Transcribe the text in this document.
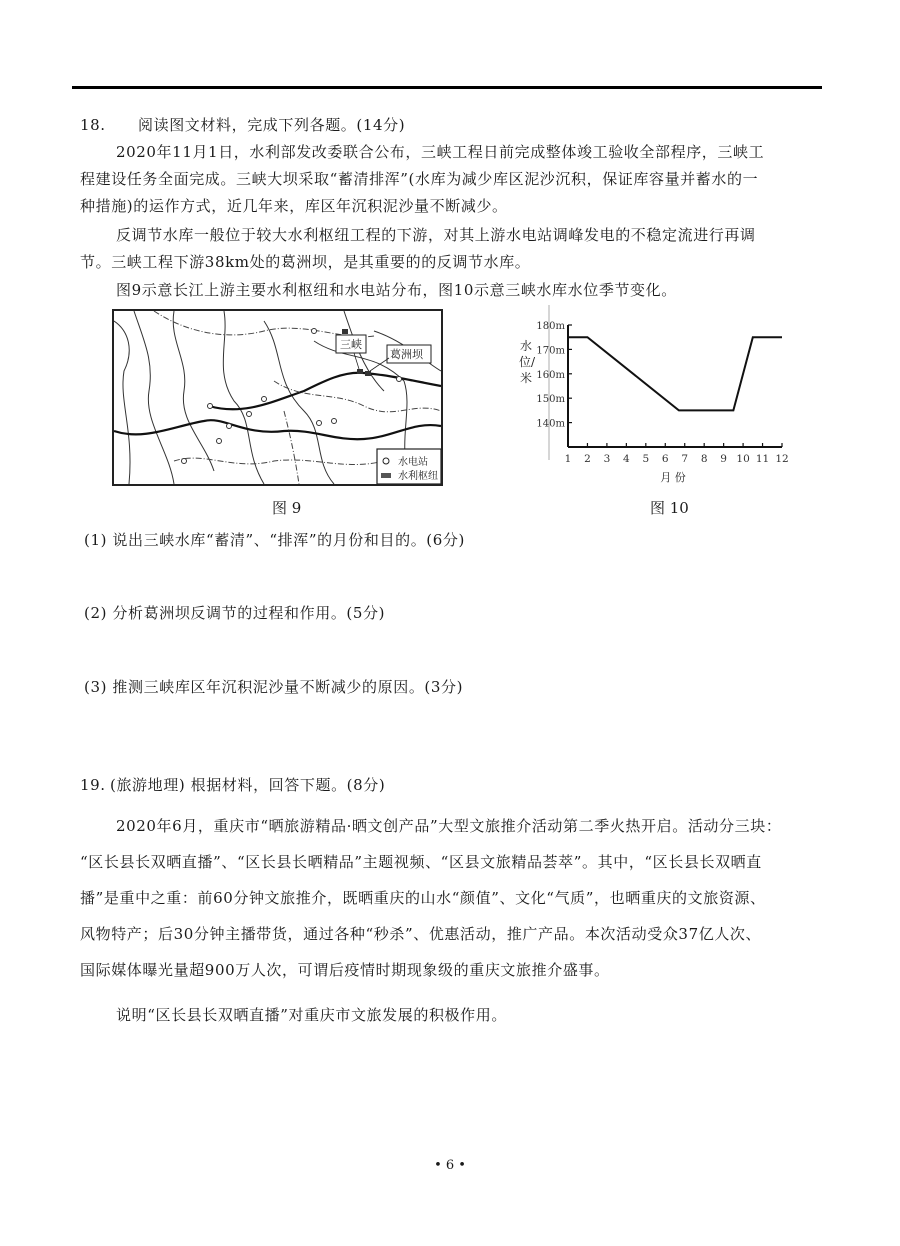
18. 阅读图文材料，完成下列各题。(14分)
2020年11月1日，水利部发改委联合公布，三峡工程日前完成整体竣工验收全部程序，三峡工
程建设任务全面完成。三峡大坝采取“蓄清排浑”(水库为减少库区泥沙沉积，保证库容量并蓄水的一
种措施)的运作方式，近几年来，库区年沉积泥沙量不断减少。
反调节水库一般位于较大水利枢纽工程的下游，对其上游水电站调峰发电的不稳定流进行再调
节。三峡工程下游38km处的葛洲坝，是其重要的的反调节水库。
图9示意长江上游主要水利枢纽和水电站分布，图10示意三峡水库水位季节变化。
三峡
葛洲坝
水电站
水利枢纽	月 份
180m
170m
160m
150m
140m
1 2 3 4 5 6 7 8 9 10 11 12
水位/米
图 9	图 10
(1) 说出三峡水库“蓄清”、“排浑”的月份和目的。(6分)
(2) 分析葛洲坝反调节的过程和作用。(5分)
(3) 推测三峡库区年沉积泥沙量不断减少的原因。(3分)
19. (旅游地理) 根据材料，回答下题。(8分)
2020年6月，重庆市“晒旅游精品·晒文创产品”大型文旅推介活动第二季火热开启。活动分三块：
“区长县长双晒直播”、“区长县长晒精品”主题视频、“区县文旅精品荟萃”。其中，“区长县长双晒直
播”是重中之重：前60分钟文旅推介，既晒重庆的山水“颜值”、文化“气质”，也晒重庆的文旅资源、
风物特产；后30分钟主播带货，通过各种“秒杀”、优惠活动，推广产品。本次活动受众37亿人次、
国际媒体曝光量超900万人次，可谓后疫情时期现象级的重庆文旅推介盛事。
说明“区长县长双晒直播”对重庆市文旅发展的积极作用。
• 6 •
